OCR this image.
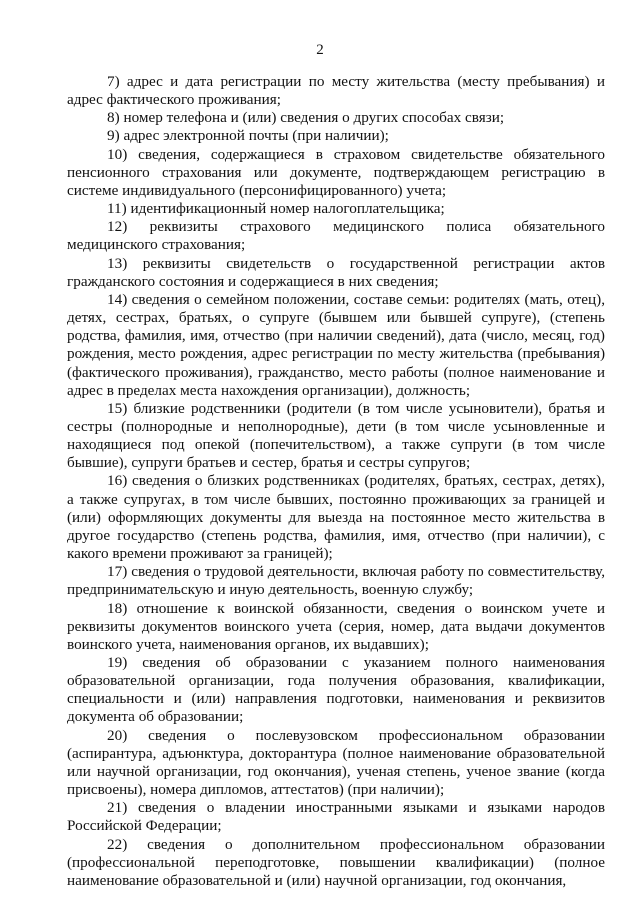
2

7) адрес и дата регистрации по месту жительства (месту пребывания) и адрес фактического проживания;

8) номер телефона и (или) сведения о других способах связи;

9) адрес электронной почты (при наличии);

10) сведения, содержащиеся в страховом свидетельстве обязательного пенсионного страхования или документе, подтверждающем регистрацию в системе индивидуального (персонифицированного) учета;

11) идентификационный номер налогоплательщика;

12) реквизиты страхового медицинского полиса обязательного медицинского страхования;

13) реквизиты свидетельств о государственной регистрации актов гражданского состояния и содержащиеся в них сведения;

14) сведения о семейном положении, составе семьи: родителях (мать, отец), детях, сестрах, братьях, о супруге (бывшем или бывшей супруге), (степень родства, фамилия, имя, отчество (при наличии сведений), дата (число, месяц, год) рождения, место рождения, адрес регистрации по месту жительства (пребывания) (фактического проживания), гражданство, место работы (полное наименование и адрес в пределах места нахождения организации), должность;

15) близкие родственники (родители (в том числе усыновители), братья и сестры (полнородные и неполнородные), дети (в том числе усыновленные и находящиеся под опекой (попечительством), а также супруги (в том числе бывшие), супруги братьев и сестер, братья и сестры супругов;

16) сведения о близких родственниках (родителях, братьях, сестрах, детях), а также супругах, в том числе бывших, постоянно проживающих за границей и (или) оформляющих документы для выезда на постоянное место жительства в другое государство (степень родства, фамилия, имя, отчество (при наличии), с какого времени проживают за границей);

17) сведения о трудовой деятельности, включая работу по совместительству, предпринимательскую и иную деятельность, военную службу;

18) отношение к воинской обязанности, сведения о воинском учете и реквизиты документов воинского учета (серия, номер, дата выдачи документов воинского учета, наименования органов, их выдавших);

19) сведения об образовании с указанием полного наименования образовательной организации, года получения образования, квалификации, специальности и (или) направления подготовки, наименования и реквизитов документа об образовании;

20) сведения о послевузовском профессиональном образовании (аспирантура, адъюнктура, докторантура (полное наименование образовательной или научной организации, год окончания), ученая степень, ученое звание (когда присвоены), номера дипломов, аттестатов) (при наличии);

21) сведения о владении иностранными языками и языками народов Российской Федерации;

22) сведения о дополнительном профессиональном образовании (профессиональной переподготовке, повышении квалификации) (полное наименование образовательной и (или) научной организации, год окончания,
